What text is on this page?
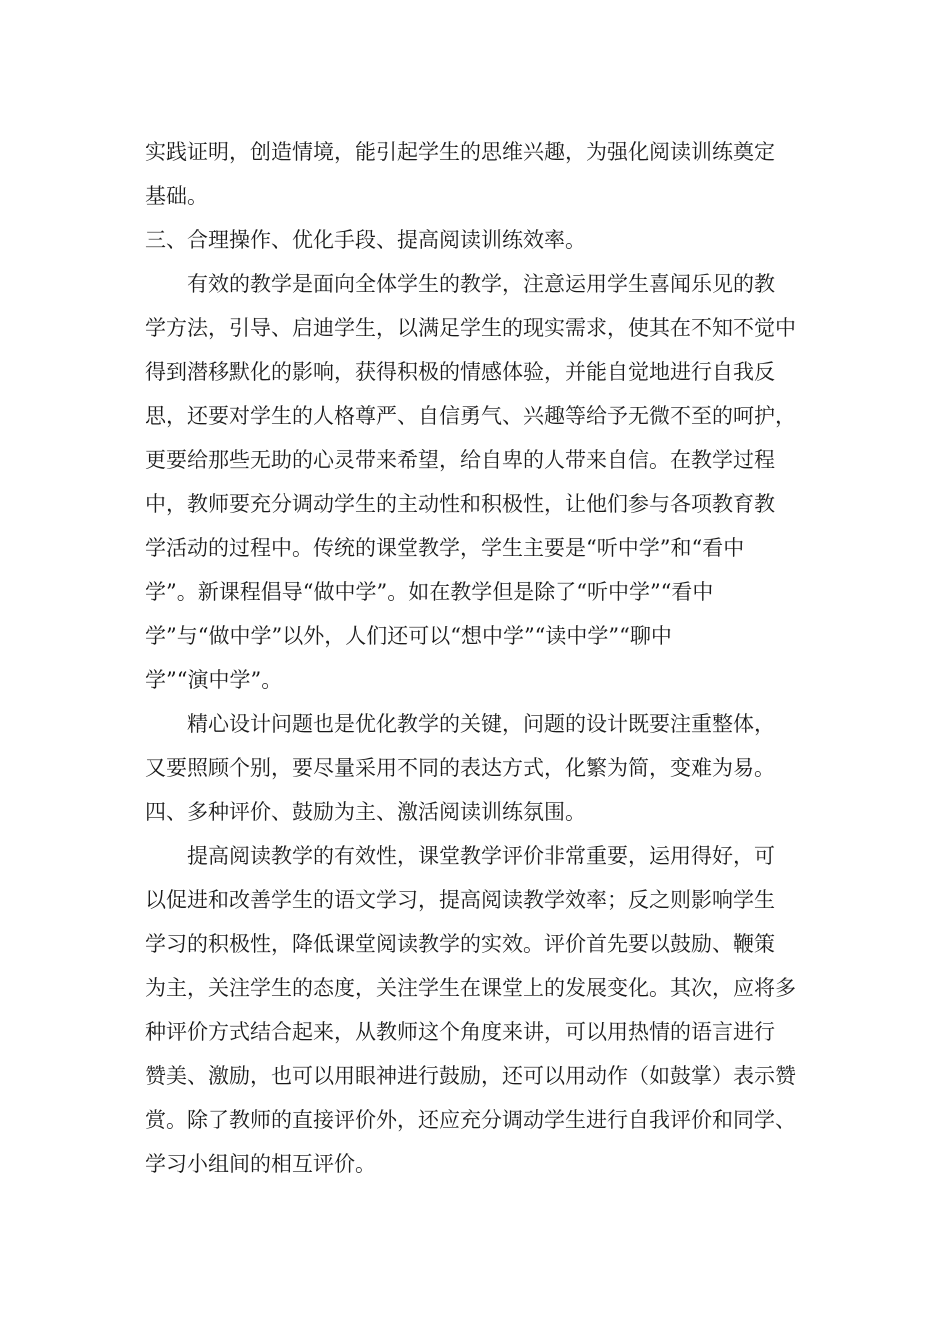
实践证明，创造情境，能引起学生的思维兴趣，为强化阅读训练奠定
基础。
三、合理操作、优化手段、提高阅读训练效率。
有效的教学是面向全体学生的教学，注意运用学生喜闻乐见的教
学方法，引导、启迪学生，以满足学生的现实需求，使其在不知不觉中
得到潜移默化的影响，获得积极的情感体验，并能自觉地进行自我反
思，还要对学生的人格尊严、自信勇气、兴趣等给予无微不至的呵护，
更要给那些无助的心灵带来希望，给自卑的人带来自信。在教学过程
中，教师要充分调动学生的主动性和积极性，让他们参与各项教育教
学活动的过程中。传统的课堂教学，学生主要是“听中学”和“看中
学”。新课程倡导“做中学”。如在教学但是除了“听中学”“看中
学”与“做中学”以外，人们还可以“想中学”“读中学”“聊中
学”“演中学”。
精心设计问题也是优化教学的关键，问题的设计既要注重整体，
又要照顾个别，要尽量采用不同的表达方式，化繁为简，变难为易。
四、多种评价、鼓励为主、激活阅读训练氛围。
提高阅读教学的有效性，课堂教学评价非常重要，运用得好，可
以促进和改善学生的语文学习，提高阅读教学效率；反之则影响学生
学习的积极性，降低课堂阅读教学的实效。评价首先要以鼓励、鞭策
为主，关注学生的态度，关注学生在课堂上的发展变化。其次，应将多
种评价方式结合起来，从教师这个角度来讲，可以用热情的语言进行
赞美、激励，也可以用眼神进行鼓励，还可以用动作（如鼓掌）表示赞
赏。除了教师的直接评价外，还应充分调动学生进行自我评价和同学、
学习小组间的相互评价。
